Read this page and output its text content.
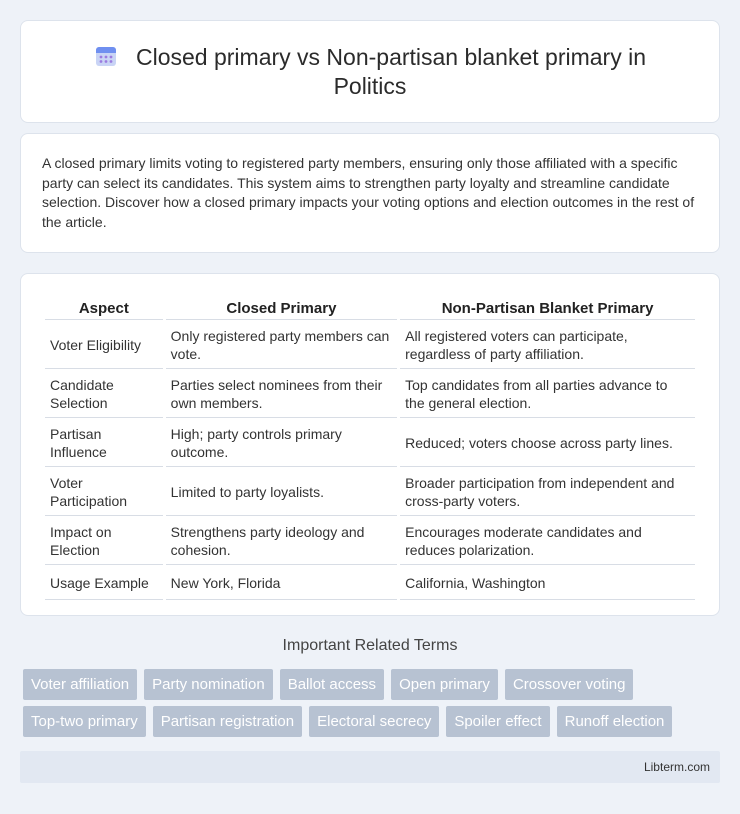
Closed primary vs Non-partisan blanket primary in Politics

A closed primary limits voting to registered party members, ensuring only those affiliated with a specific party can select its candidates. This system aims to strengthen party loyalty and streamline candidate selection. Discover how a closed primary impacts your voting options and election outcomes in the rest of the article.

Aspect	Closed Primary	Non-Partisan Blanket Primary
Voter Eligibility	Only registered party members can vote.	All registered voters can participate, regardless of party affiliation.
Candidate Selection	Parties select nominees from their own members.	Top candidates from all parties advance to the general election.
Partisan Influence	High; party controls primary outcome.	Reduced; voters choose across party lines.
Voter Participation	Limited to party loyalists.	Broader participation from independent and cross-party voters.
Impact on Election	Strengthens party ideology and cohesion.	Encourages moderate candidates and reduces polarization.
Usage Example	New York, Florida	California, Washington
Important Related Terms
Voter affiliation	Party nomination	Ballot access	Open primary	Crossover voting
Top-two primary	Partisan registration	Electoral secrecy	Spoiler effect	Runoff election
Libterm.com
